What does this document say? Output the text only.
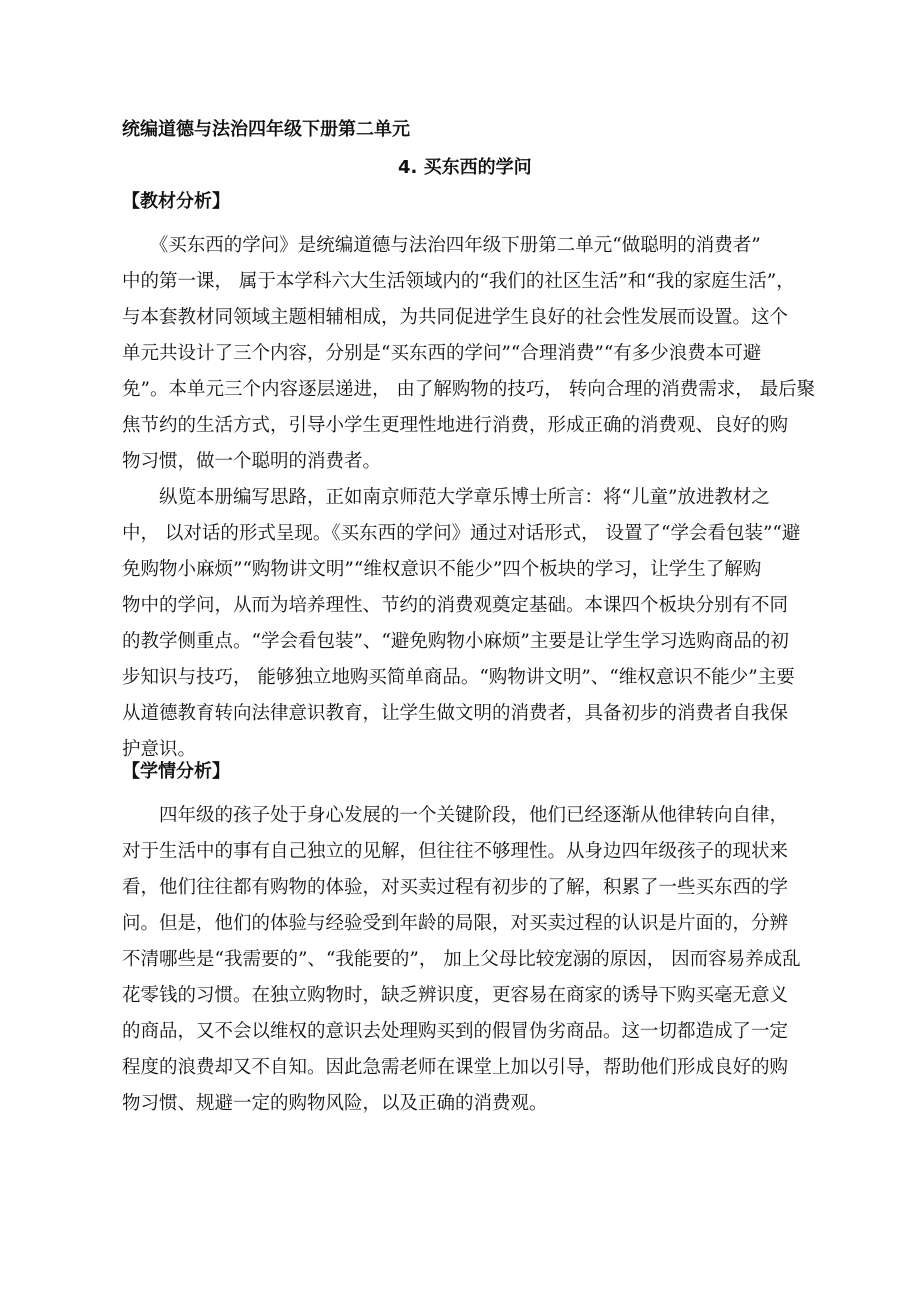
统编道德与法治四年级下册第二单元
4. 买东西的学问
【教材分析】

　　《买东西的学问》是统编道德与法治四年级下册第二单元“做聪明的消费者”

中的第一课， 属于本学科六大生活领域内的“我们的社区生活”和“我的家庭生活”，

与本套教材同领域主题相辅相成，为共同促进学生良好的社会性发展而设置。这个

单元共设计了三个内容，分别是“买东西的学问”“合理消费”“有多少浪费本可避

免”。本单元三个内容逐层递进， 由了解购物的技巧， 转向合理的消费需求， 最后聚

焦节约的生活方式，引导小学生更理性地进行消费，形成正确的消费观、良好的购

物习惯，做一个聪明的消费者。

　　纵览本册编写思路，正如南京师范大学章乐博士所言：将“儿童”放进教材之

中， 以对话的形式呈现。《买东西的学问》通过对话形式， 设置了“学会看包装”“避

免购物小麻烦”“购物讲文明”“维权意识不能少”四个板块的学习，让学生了解购

物中的学问，从而为培养理性、节约的消费观奠定基础。本课四个板块分别有不同

的教学侧重点。“学会看包装”、“避免购物小麻烦”主要是让学生学习选购商品的初

步知识与技巧， 能够独立地购买简单商品。“购物讲文明”、“维权意识不能少”主要

从道德教育转向法律意识教育，让学生做文明的消费者，具备初步的消费者自我保

护意识。

【学情分析】

　　四年级的孩子处于身心发展的一个关键阶段，他们已经逐渐从他律转向自律，

对于生活中的事有自己独立的见解，但往往不够理性。从身边四年级孩子的现状来

看，他们往往都有购物的体验，对买卖过程有初步的了解，积累了一些买东西的学

问。但是，他们的体验与经验受到年龄的局限，对买卖过程的认识是片面的，分辨

不清哪些是“我需要的”、“我能要的”， 加上父母比较宠溺的原因， 因而容易养成乱

花零钱的习惯。在独立购物时，缺乏辨识度，更容易在商家的诱导下购买毫无意义

的商品，又不会以维权的意识去处理购买到的假冒伪劣商品。这一切都造成了一定

程度的浪费却又不自知。因此急需老师在课堂上加以引导，帮助他们形成良好的购

物习惯、规避一定的购物风险，以及正确的消费观。
